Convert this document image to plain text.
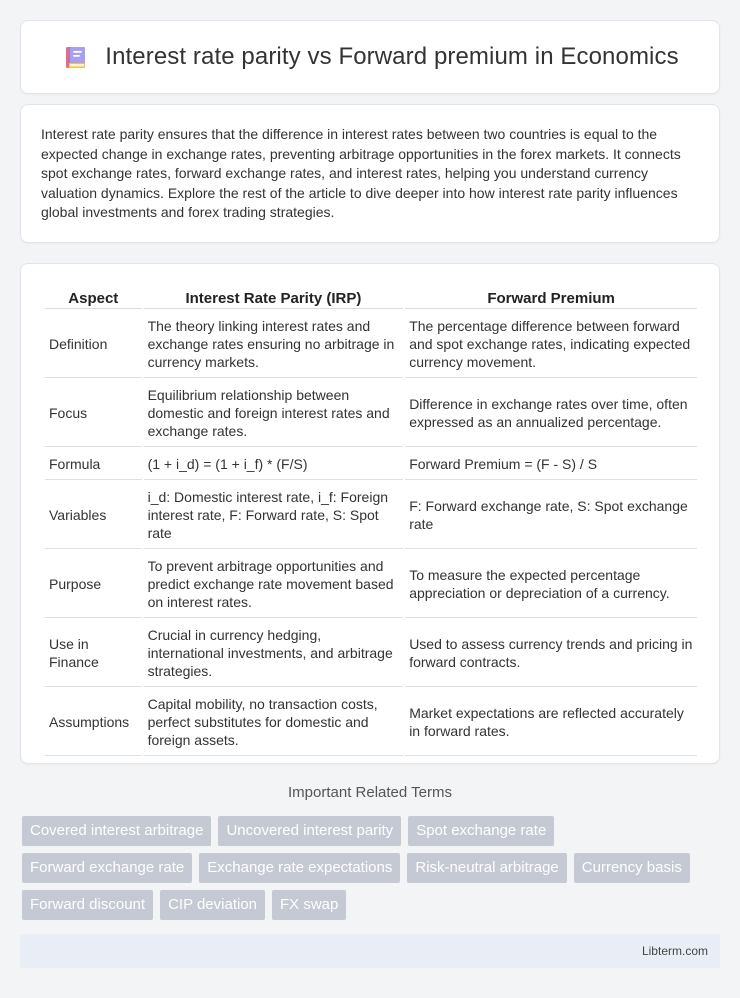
Interest rate parity vs Forward premium in Economics

Interest rate parity ensures that the difference in interest rates between two countries is equal to the expected change in exchange rates, preventing arbitrage opportunities in the forex markets. It connects spot exchange rates, forward exchange rates, and interest rates, helping you understand currency valuation dynamics. Explore the rest of the article to dive deeper into how interest rate parity influences global investments and forex trading strategies.

Aspect	Interest Rate Parity (IRP)	Forward Premium
Definition	The theory linking interest rates and exchange rates ensuring no arbitrage in currency markets.	The percentage difference between forward and spot exchange rates, indicating expected currency movement.
Focus	Equilibrium relationship between domestic and foreign interest rates and exchange rates.	Difference in exchange rates over time, often expressed as an annualized percentage.
Formula	(1 + i_d) = (1 + i_f) * (F/S)	Forward Premium = (F - S) / S
Variables	i_d: Domestic interest rate, i_f: Foreign interest rate, F: Forward rate, S: Spot rate	F: Forward exchange rate, S: Spot exchange rate
Purpose	To prevent arbitrage opportunities and predict exchange rate movement based on interest rates.	To measure the expected percentage appreciation or depreciation of a currency.
Use in Finance	Crucial in currency hedging, international investments, and arbitrage strategies.	Used to assess currency trends and pricing in forward contracts.
Assumptions	Capital mobility, no transaction costs, perfect substitutes for domestic and foreign assets.	Market expectations are reflected accurately in forward rates.
Important Related Terms
Covered interest arbitrage	Uncovered interest parity	Spot exchange rate
Forward exchange rate	Exchange rate expectations	Risk-neutral arbitrage	Currency basis
Forward discount	CIP deviation	FX swap
Libterm.com
